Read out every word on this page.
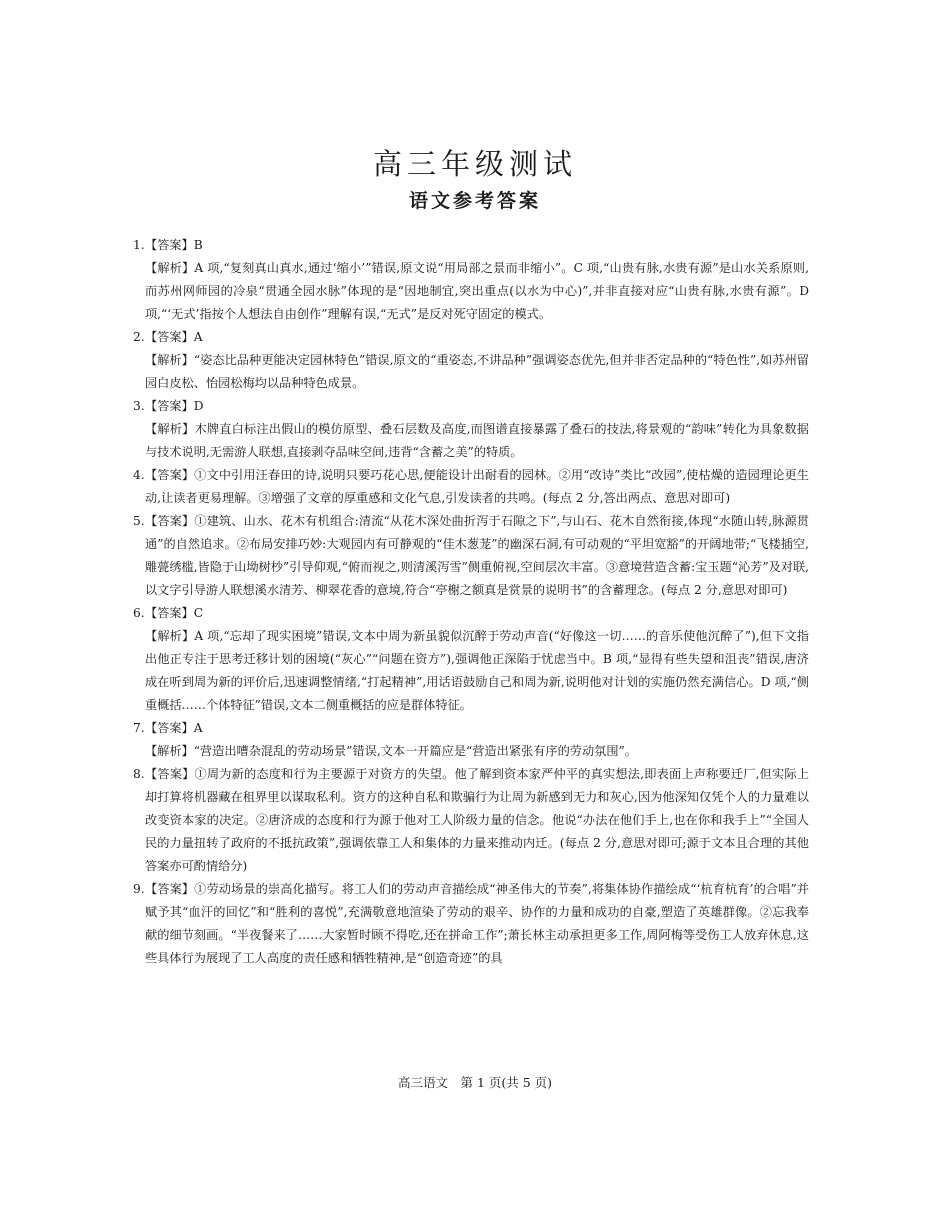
高三年级测试
语文参考答案
1. 【答案】B

【解析】A 项,“复刻真山真水,通过‘缩小’”错误,原文说“用局部之景而非缩小”。C 项,“山贵有脉,水贵有源”是山水关系原则,而苏州网师园的冷泉“贯通全园水脉”体现的是“因地制宜,突出重点(以水为中心)”,并非直接对应“山贵有脉,水贵有源”。D 项,“‘无式’指按个人想法自由创作”理解有误,“无式”是反对死守固定的模式。

2. 【答案】A

【解析】“姿态比品种更能决定园林特色”错误,原文的“重姿态,不讲品种”强调姿态优先,但并非否定品种的“特色性”,如苏州留园白皮松、怡园松梅均以品种特色成景。

3. 【答案】D

【解析】木牌直白标注出假山的模仿原型、叠石层数及高度,而图谱直接暴露了叠石的技法,将景观的“韵味”转化为具象数据与技术说明,无需游人联想,直接剥夺品味空间,违背“含蓄之美”的特质。

4. 【答案】①文中引用汪春田的诗,说明只要巧花心思,便能设计出耐看的园林。②用“改诗”类比“改园”,使枯燥的造园理论更生动,让读者更易理解。③增强了文章的厚重感和文化气息,引发读者的共鸣。(每点 2 分,答出两点、意思对即可)

5. 【答案】①建筑、山水、花木有机组合:清流“从花木深处曲折泻于石隙之下”,与山石、花木自然衔接,体现“水随山转,脉源贯通”的自然追求。②布局安排巧妙:大观园内有可静观的“佳木葱茏”的幽深石洞,有可动观的“平坦宽豁”的开阔地带;“飞楼插空,雕甍绣槛,皆隐于山坳树杪”引导仰观,“俯而视之,则清溪泻雪”侧重俯视,空间层次丰富。③意境营造含蓄:宝玉题“沁芳”及对联,以文字引导游人联想溪水清芳、柳翠花香的意境,符合“亭榭之额真是赏景的说明书”的含蓄理念。(每点 2 分,意思对即可)

6. 【答案】C

【解析】A 项,“忘却了现实困境”错误,文本中周为新虽貌似沉醉于劳动声音(“好像这一切……的音乐使他沉醉了”),但下文指出他正专注于思考迁移计划的困境(“灰心”“问题在资方”),强调他正深陷于忧虑当中。B 项,“显得有些失望和沮丧”错误,唐济成在听到周为新的评价后,迅速调整情绪,“打起精神”,用话语鼓励自己和周为新,说明他对计划的实施仍然充满信心。D 项,“侧重概括……个体特征”错误,文本二侧重概括的应是群体特征。

7. 【答案】A

【解析】“营造出嘈杂混乱的劳动场景”错误,文本一开篇应是“营造出紧张有序的劳动氛围”。

8. 【答案】①周为新的态度和行为主要源于对资方的失望。他了解到资本家严仲平的真实想法,即表面上声称要迁厂,但实际上却打算将机器藏在租界里以谋取私利。资方的这种自私和欺骗行为让周为新感到无力和灰心,因为他深知仅凭个人的力量难以改变资本家的决定。②唐济成的态度和行为源于他对工人阶级力量的信念。他说“办法在他们手上,也在你和我手上”“全国人民的力量扭转了政府的不抵抗政策”,强调依靠工人和集体的力量来推动内迁。(每点 2 分,意思对即可;源于文本且合理的其他答案亦可酌情给分)

9. 【答案】①劳动场景的崇高化描写。将工人们的劳动声音描绘成“神圣伟大的节奏”,将集体协作描绘成“‘杭育杭育’的合唱”并赋予其“血汗的回忆”和“胜利的喜悦”,充满敬意地渲染了劳动的艰辛、协作的力量和成功的自豪,塑造了英雄群像。②忘我奉献的细节刻画。“半夜餐来了……大家暂时顾不得吃,还在拼命工作”;萧长林主动承担更多工作,周阿梅等受伤工人放弃休息,这些具体行为展现了工人高度的责任感和牺牲精神,是“创造奇迹”的具

高三语文　第 1 页(共 5 页)
